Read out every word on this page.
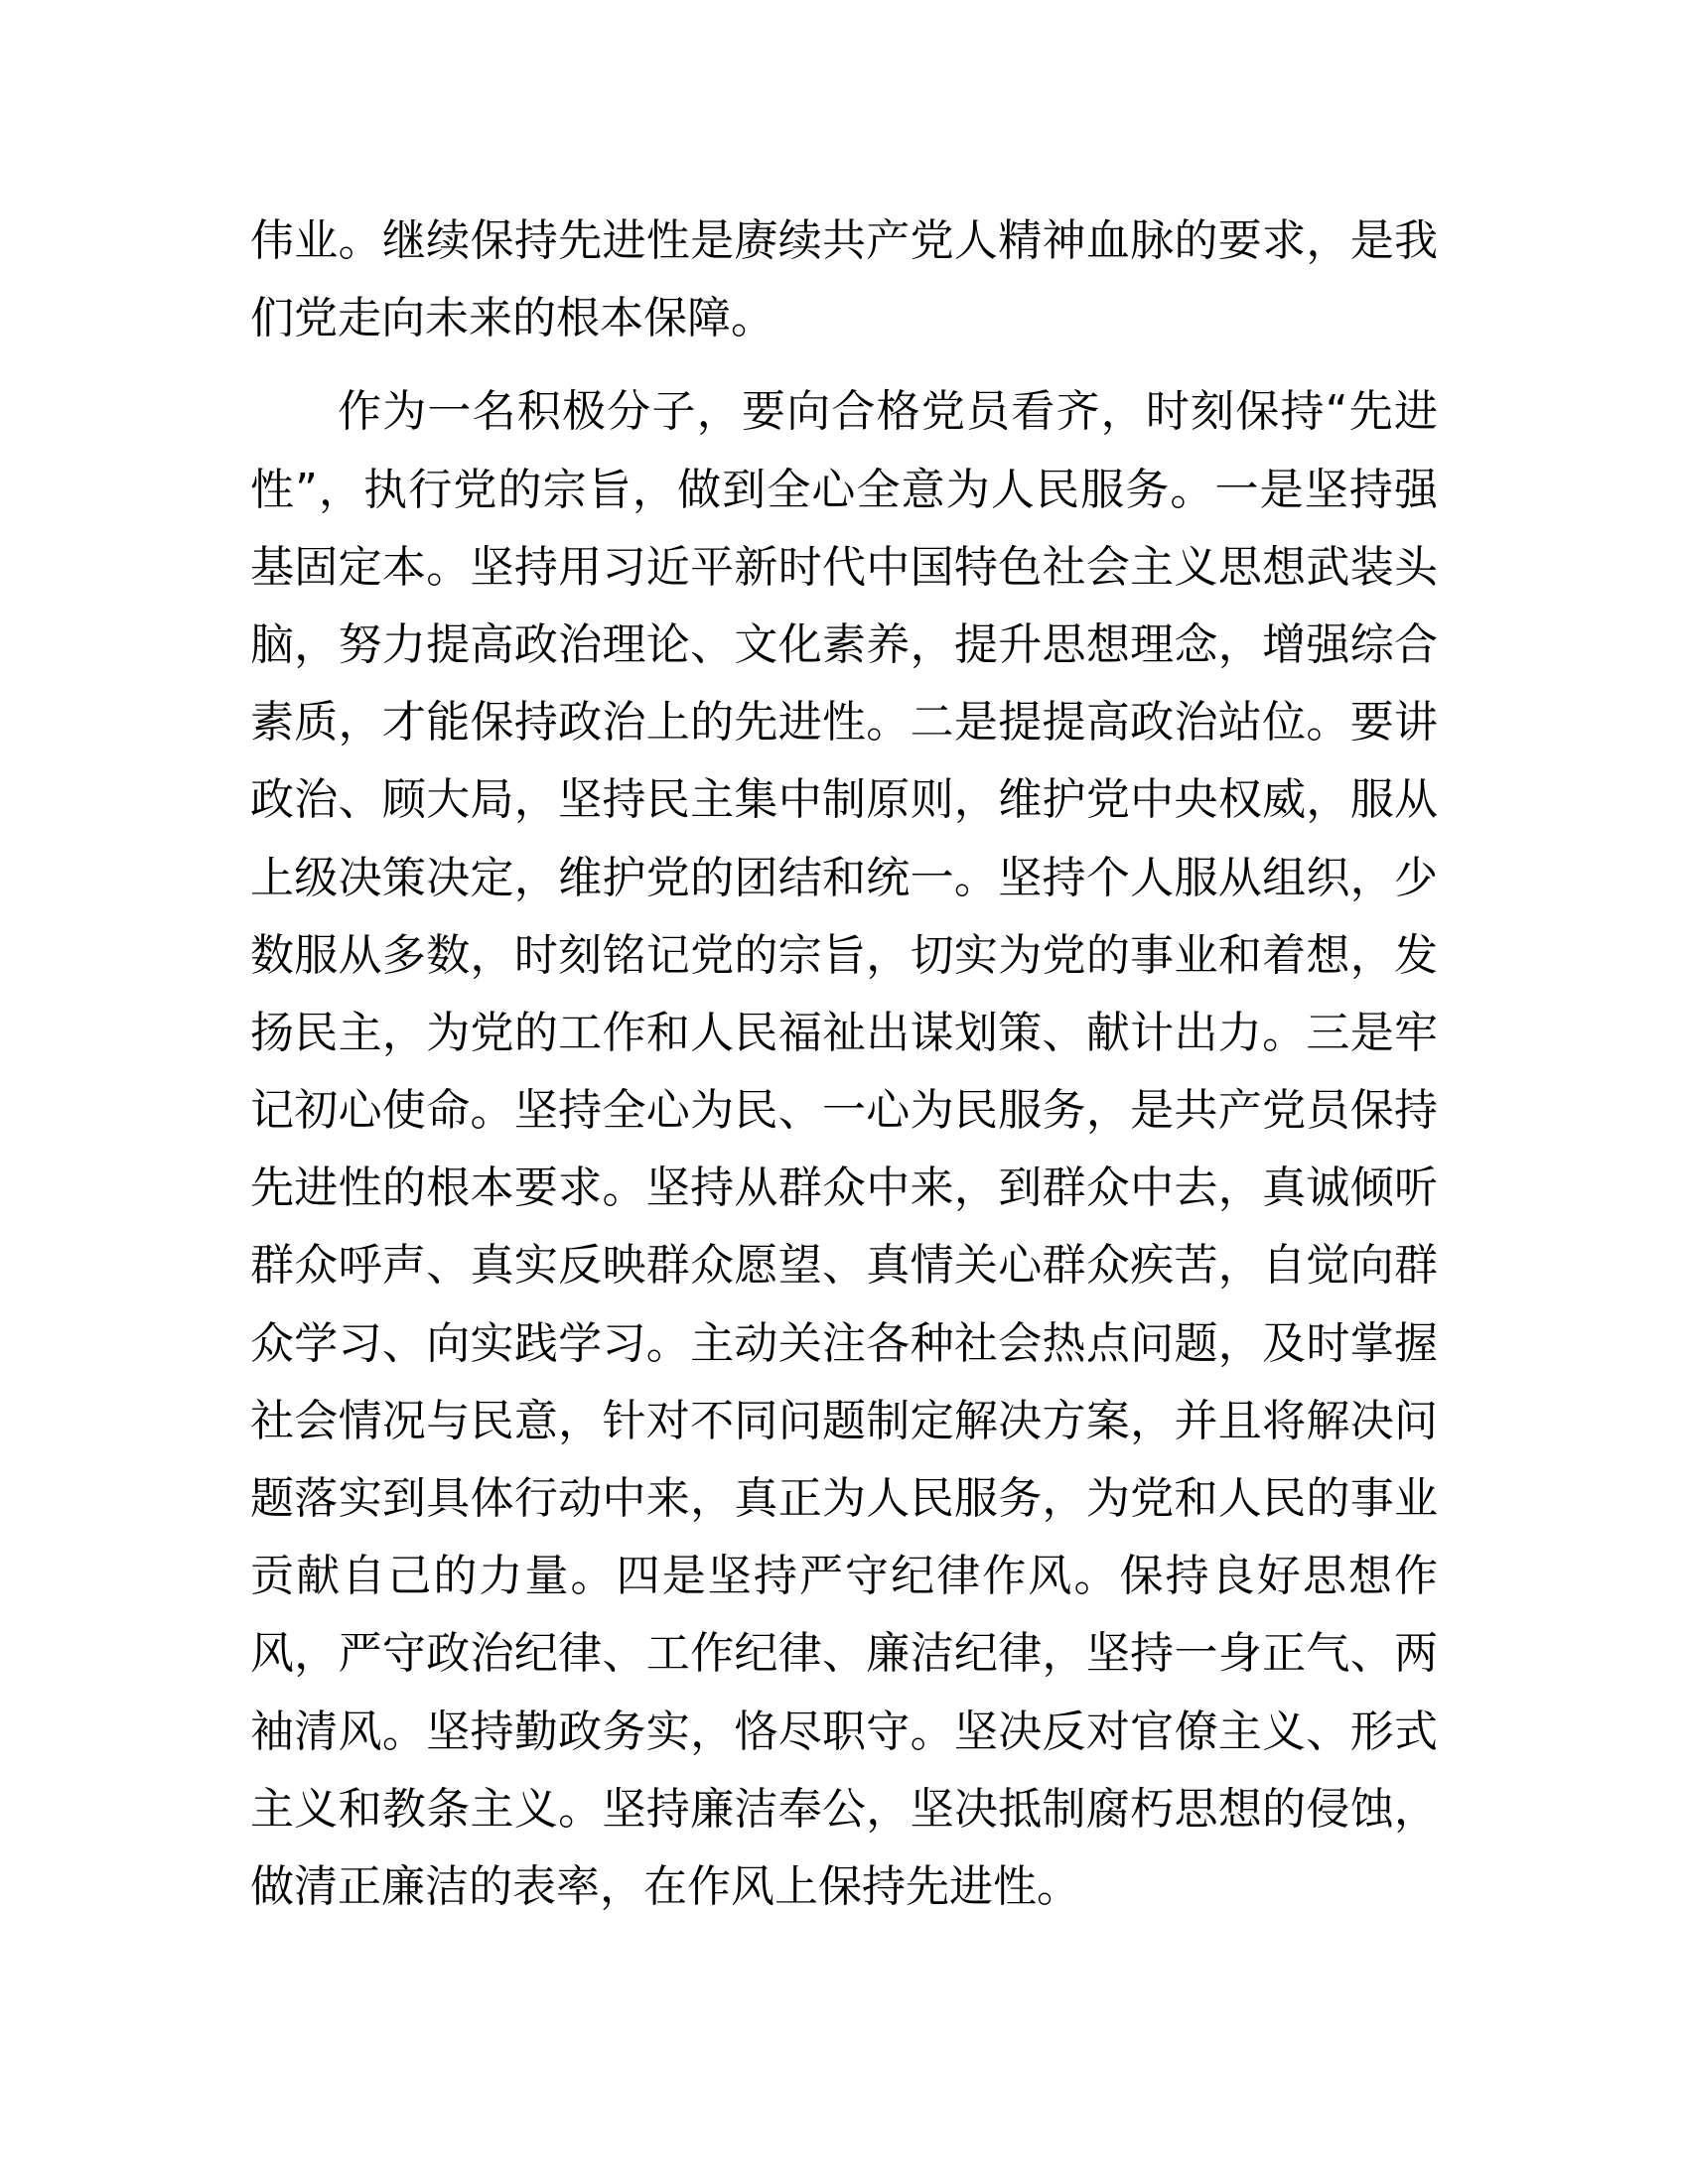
伟业。继续保持先进性是赓续共产党人精神血脉的要求，是我
们党走向未来的根本保障。

作为一名积极分子，要向合格党员看齐，时刻保持“先进
性”，执行党的宗旨，做到全心全意为人民服务。一是坚持强
基固定本。坚持用习近平新时代中国特色社会主义思想武装头
脑，努力提高政治理论、文化素养，提升思想理念，增强综合
素质，才能保持政治上的先进性。二是提提高政治站位。要讲
政治、顾大局，坚持民主集中制原则，维护党中央权威，服从
上级决策决定，维护党的团结和统一。坚持个人服从组织，少
数服从多数，时刻铭记党的宗旨，切实为党的事业和着想，发
扬民主，为党的工作和人民福祉出谋划策、献计出力。三是牢
记初心使命。坚持全心为民、一心为民服务，是共产党员保持
先进性的根本要求。坚持从群众中来，到群众中去，真诚倾听
群众呼声、真实反映群众愿望、真情关心群众疾苦，自觉向群
众学习、向实践学习。主动关注各种社会热点问题，及时掌握
社会情况与民意，针对不同问题制定解决方案，并且将解决问
题落实到具体行动中来，真正为人民服务，为党和人民的事业
贡献自己的力量。四是坚持严守纪律作风。保持良好思想作
风，严守政治纪律、工作纪律、廉洁纪律，坚持一身正气、两
袖清风。坚持勤政务实，恪尽职守。坚决反对官僚主义、形式
主义和教条主义。坚持廉洁奉公，坚决抵制腐朽思想的侵蚀，
做清正廉洁的表率，在作风上保持先进性。
